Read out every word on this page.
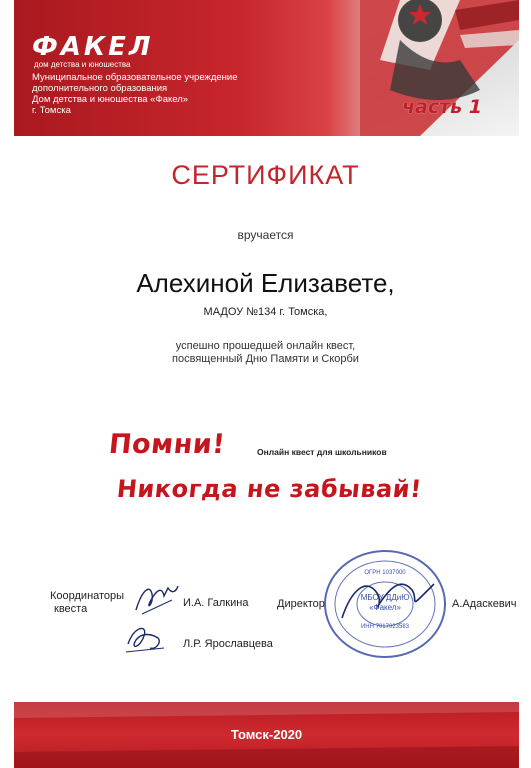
ФАКЕЛ
дом детства и юношества
Муниципальное образовательное учреждение
дополнительного образования
Дом детства и юношества «Факел»
г. Томска	часть 1
СЕРТИФИКАТ
вручается
Алехиной Елизавете,
МАДОУ №134 г. Томска,
успешно прошедшей онлайн квест,
посвященный Дню Памяти и Скорби
Помни!	Онлайн квест для школьников
Никогда не забывай!
Координаторы
квеста	И.А. Галкина
Л.Р. Ярославцева
Директор
МБОУ ДДиЮ
«Факел»
ИНН 7017023583
ОГРН 1037000
А.Адаскевич
Томск-2020
